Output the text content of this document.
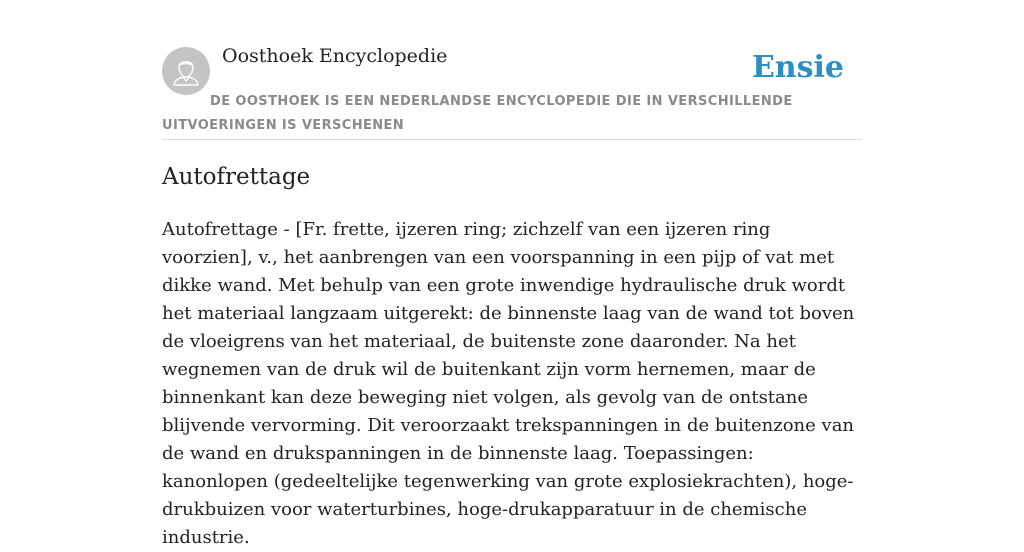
Oosthoek Encyclopedie	Ensie
DE OOSTHOEK IS EEN NEDERLANDSE ENCYCLOPEDIE DIE IN VERSCHILLENDE UITVOERINGEN IS VERSCHENEN
Autofrettage

Autofrettage - [Fr. frette, ijzeren ring; zichzelf van een ijzeren ring voorzien], v., het aanbrengen van een voorspanning in een pijp of vat met dikke wand. Met behulp van een grote inwendige hydraulische druk wordt het materiaal langzaam uitgerekt: de binnenste laag van de wand tot boven de vloeigrens van het materiaal, de buitenste zone daaronder. Na het wegnemen van de druk wil de buitenkant zijn vorm hernemen, maar de binnenkant kan deze beweging niet volgen, als gevolg van de ontstane blijvende vervorming. Dit veroorzaakt trekspanningen in de buitenzone van de wand en drukspanningen in de binnenste laag. Toepassingen: kanonlopen (gedeeltelijke tegenwerking van grote explosiekrachten), hoge-drukbuizen voor waterturbines, hoge-drukapparatuur in de chemische industrie.
